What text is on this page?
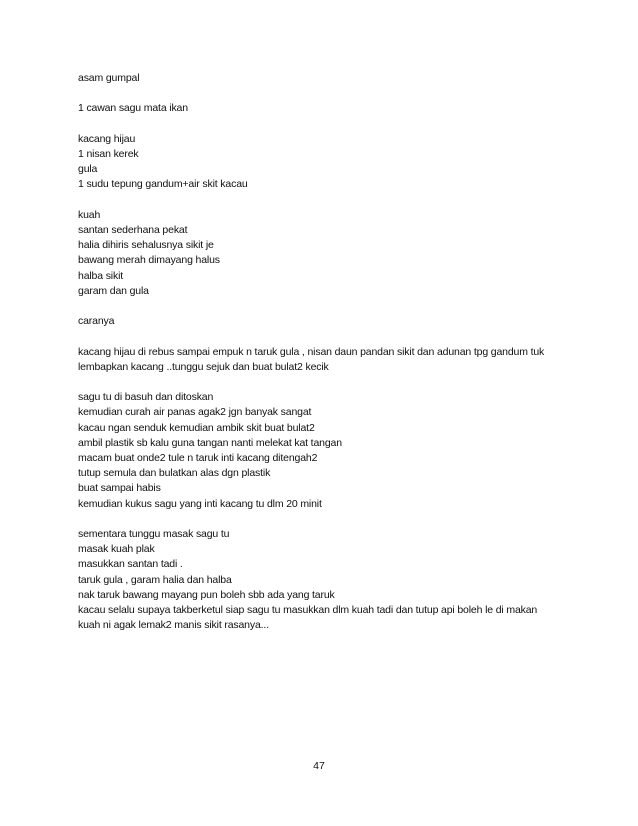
asam gumpal
1 cawan sagu mata ikan
kacang hijau
1 nisan kerek
gula
1 sudu tepung gandum+air skit kacau
kuah
santan sederhana pekat
halia dihiris sehalusnya sikit je
bawang merah dimayang halus
halba sikit
garam dan gula
caranya
kacang hijau di rebus sampai empuk n taruk gula , nisan daun pandan sikit dan adunan tpg gandum tuk
lembapkan kacang ..tunggu sejuk dan buat bulat2 kecik
sagu tu di basuh dan ditoskan
kemudian curah air panas agak2 jgn banyak sangat
kacau ngan senduk kemudian ambik skit buat bulat2
ambil plastik sb kalu guna tangan nanti melekat kat tangan
macam buat onde2 tule n taruk inti kacang ditengah2
tutup semula dan bulatkan alas dgn plastik
buat sampai habis
kemudian kukus sagu yang inti kacang tu dlm 20 minit
sementara tunggu masak sagu tu
masak kuah plak
masukkan santan tadi .
taruk gula , garam halia dan halba
nak taruk bawang mayang pun boleh sbb ada yang taruk
kacau selalu supaya takberketul siap sagu tu masukkan dlm kuah tadi dan tutup api boleh le di makan
kuah ni agak lemak2 manis sikit rasanya...
47
